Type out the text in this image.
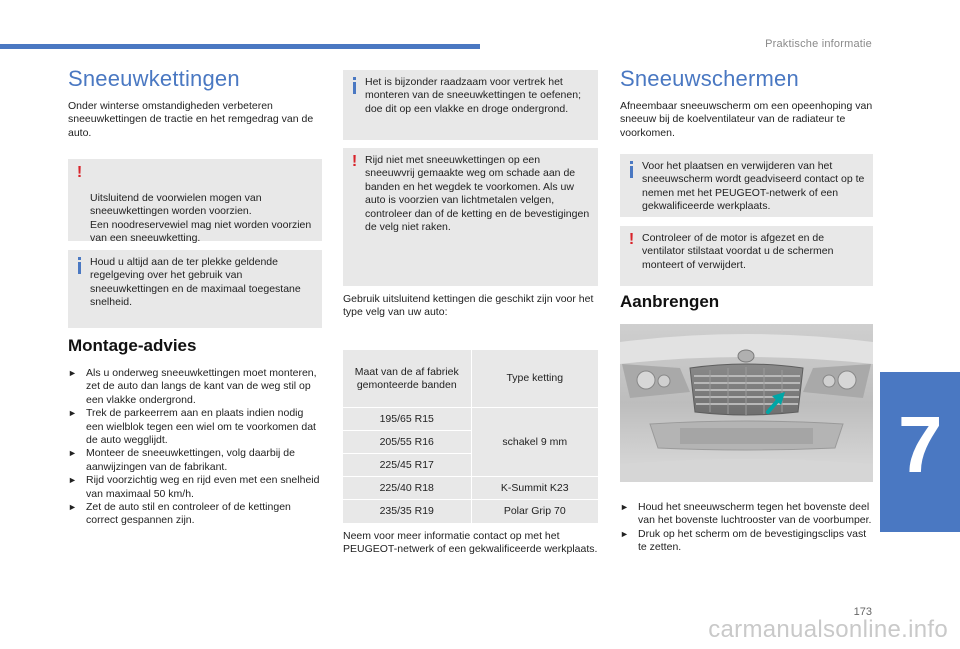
Praktische informatie
Sneeuwkettingen
Onder winterse omstandigheden verbeteren sneeuwkettingen de tractie en het remgedrag van de auto.

!

Uitsluitend de voorwielen mogen van sneeuwkettingen worden voorzien.
Een noodreservewiel mag niet worden voorzien van een sneeuwketting.

Houd u altijd aan de ter plekke geldende regelgeving over het gebruik van sneeuwkettingen en de maximaal toegestane snelheid.
Montage-advies
► Als u onderweg sneeuwkettingen moet monteren, zet de auto dan langs de kant van de weg stil op een vlakke ondergrond.
► Trek de parkeerrem aan en plaats indien nodig een wielblok tegen een wiel om te voorkomen dat de auto wegglijdt.
► Monteer de sneeuwkettingen, volg daarbij de aanwijzingen van de fabrikant.
► Rijd voorzichtig weg en rijd even met een snelheid van maximaal 50 km/h.
► Zet de auto stil en controleer of de kettingen correct gespannen zijn.
Het is bijzonder raadzaam voor vertrek het monteren van de sneeuwkettingen te oefenen; doe dit op een vlakke en droge ondergrond.
! Rijd niet met sneeuwkettingen op een sneeuwvrij gemaakte weg om schade aan de banden en het wegdek te voorkomen. Als uw auto is voorzien van lichtmetalen velgen, controleer dan of de ketting en de bevestigingen de velg niet raken.
Gebruik uitsluitend kettingen die geschikt zijn voor het type velg van uw auto:
Maat van de af fabriek gemonteerde banden	Type ketting
195/65 R15	schakel 9 mm
205/55 R16	
225/45 R17	
225/40 R18	K-Summit K23
235/35 R19	Polar Grip 70
Neem voor meer informatie contact op met het PEUGEOT-netwerk of een gekwalificeerde werkplaats.
Sneeuwschermen
Afneembaar sneeuwscherm om een opeenhoping van sneeuw bij de koelventilateur van de radiateur te voorkomen.
Voor het plaatsen en verwijderen van het sneeuwscherm wordt geadviseerd contact op te nemen met het PEUGEOT-netwerk of een gekwalificeerde werkplaats.
! Controleer of de motor is afgezet en de ventilator stilstaat voordat u de schermen monteert of verwijdert.
Aanbrengen
► Houd het sneeuwscherm tegen het bovenste deel van het bovenste luchtrooster van de voorbumper.
► Druk op het scherm om de bevestigingsclips vast te zetten.
7
173
carmanualsonline.info
